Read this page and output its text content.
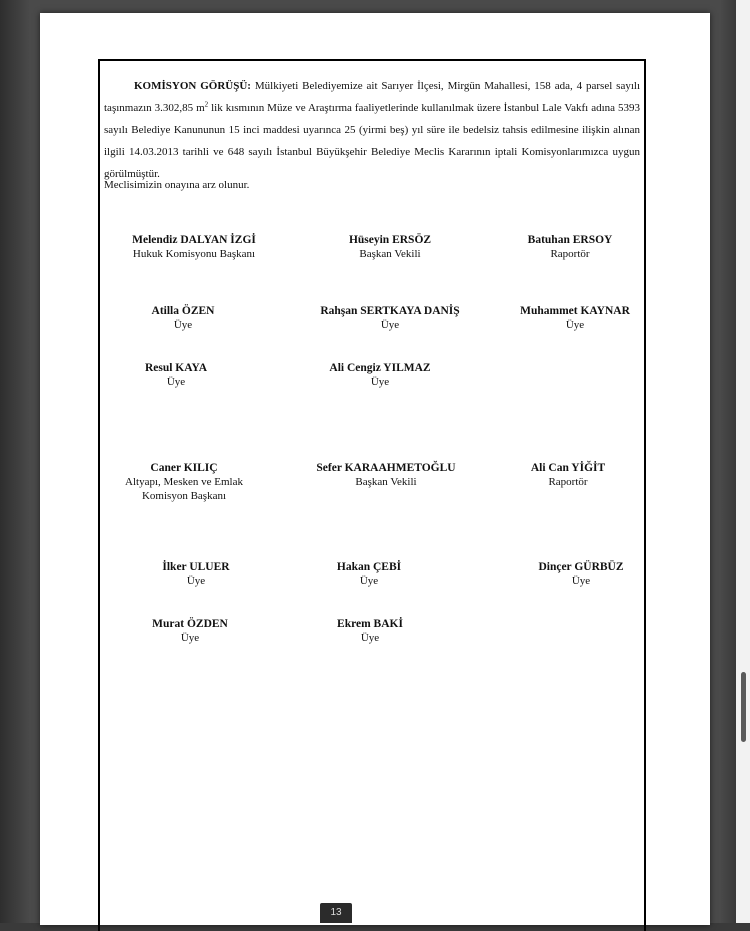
KOMİSYON GÖRÜŞÜ: Mülkiyeti Belediyemize ait Sarıyer İlçesi, Mirgün Mahallesi, 158 ada, 4 parsel sayılı taşınmazın 3.302,85 $m^2$ lik kısmının Müze ve Araştırma faaliyetlerinde kullanılmak üzere İstanbul Lale Vakfı adına 5393 sayılı Belediye Kanununun 15 inci maddesi uyarınca 25 (yirmi beş) yıl süre ile bedelsiz tahsis edilmesine ilişkin alınan ilgili 14.03.2013 tarihli ve 648 sayılı İstanbul Büyükşehir Belediye Meclis Kararının iptali Komisyonlarımızca uygun görülmüştür.
Meclisimizin onayına arz olunur.
Melendiz DALYAN İZGİ
Hukuk Komisyonu Başkanı
Hüseyin ERSÖZ
Başkan Vekili
Batuhan ERSOY
Raportör
Atilla ÖZEN
Üye
Rahşan SERTKAYA DANİŞ
Üye
Muhammet KAYNAR
Üye
Resul KAYA
Üye
Ali Cengiz YILMAZ
Üye
Caner KILIÇ
Altyapı, Mesken ve Emlak
Komisyon Başkanı
Sefer KARAAHMETOĞLU
Başkan Vekili
Ali Can YİĞİT
Raportör
İlker ULUER
Üye
Hakan ÇEBİ
Üye
Dinçer GÜRBÜZ
Üye
Murat ÖZDEN
Üye
Ekrem BAKİ
Üye
13
